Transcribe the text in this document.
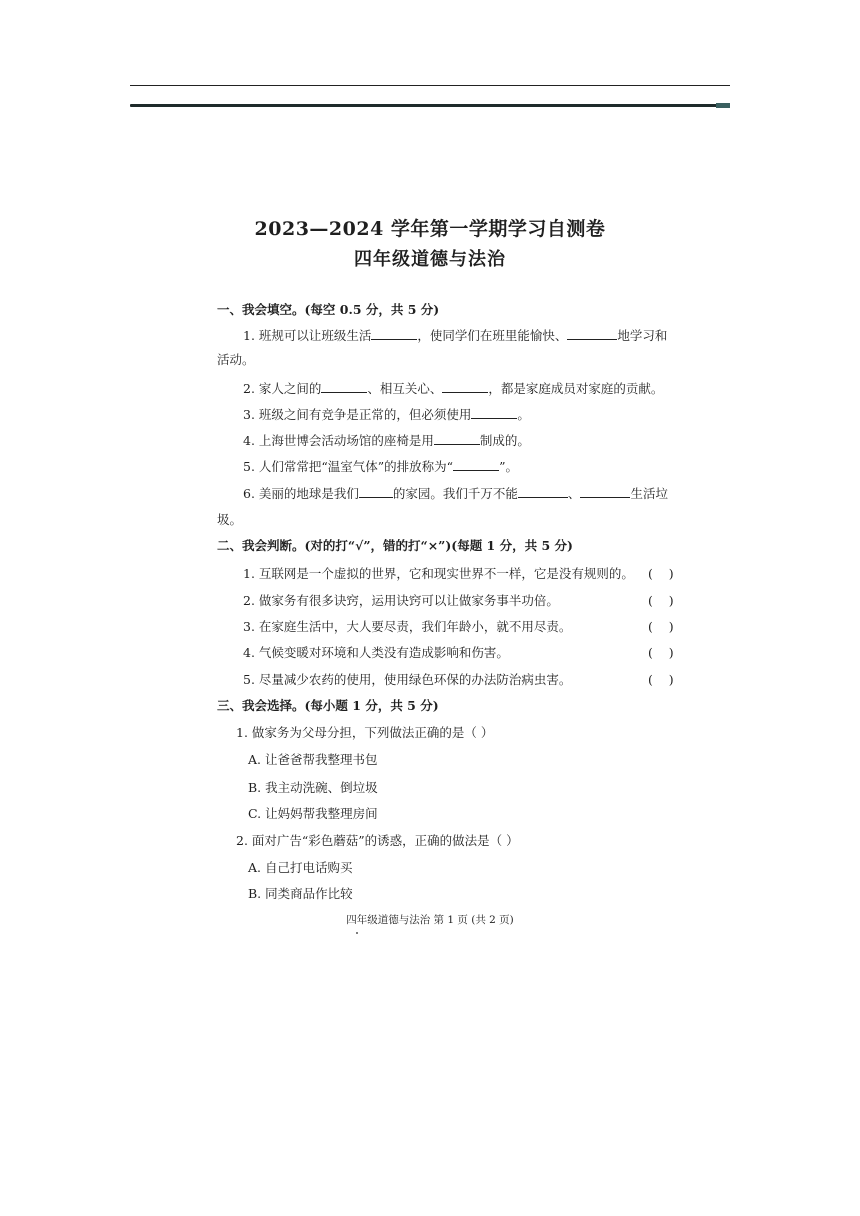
2023—2024 学年第一学期学习自测卷
四年级道德与法治
一、我会填空。(每空 0.5 分，共 5 分)
1. 班规可以让班级生活	，使同学们在班里能愉快、	地学习和
活动。
2. 家人之间的	、相互关心、	，都是家庭成员对家庭的贡献。
3. 班级之间有竞争是正常的，但必须使用	。
4. 上海世博会活动场馆的座椅是用	制成的。
5. 人们常常把“温室气体”的排放称为“	”。
6. 美丽的地球是我们	的家园。我们千万不能	、	生活垃
圾。
二、我会判断。(对的打“√”，错的打“×”)(每题 1 分，共 5 分)
1. 互联网是一个虚拟的世界，它和现实世界不一样，它是没有规则的。 (    )
2. 做家务有很多诀窍，运用诀窍可以让做家务事半功倍。	(    )
3. 在家庭生活中，大人要尽责，我们年龄小，就不用尽责。	(    )
4. 气候变暖对环境和人类没有造成影响和伤害。	(    )
5. 尽量减少农药的使用，使用绿色环保的办法防治病虫害。	(    )
三、我会选择。(每小题 1 分，共 5 分)
1. 做家务为父母分担，下列做法正确的是（ ）
A. 让爸爸帮我整理书包
B. 我主动洗碗、倒垃圾
C. 让妈妈帮我整理房间
2. 面对广告“彩色蘑菇”的诱惑，正确的做法是（ ）
A. 自己打电话购买
B. 同类商品作比较
四年级道德与法治 第 1 页 (共 2 页)
